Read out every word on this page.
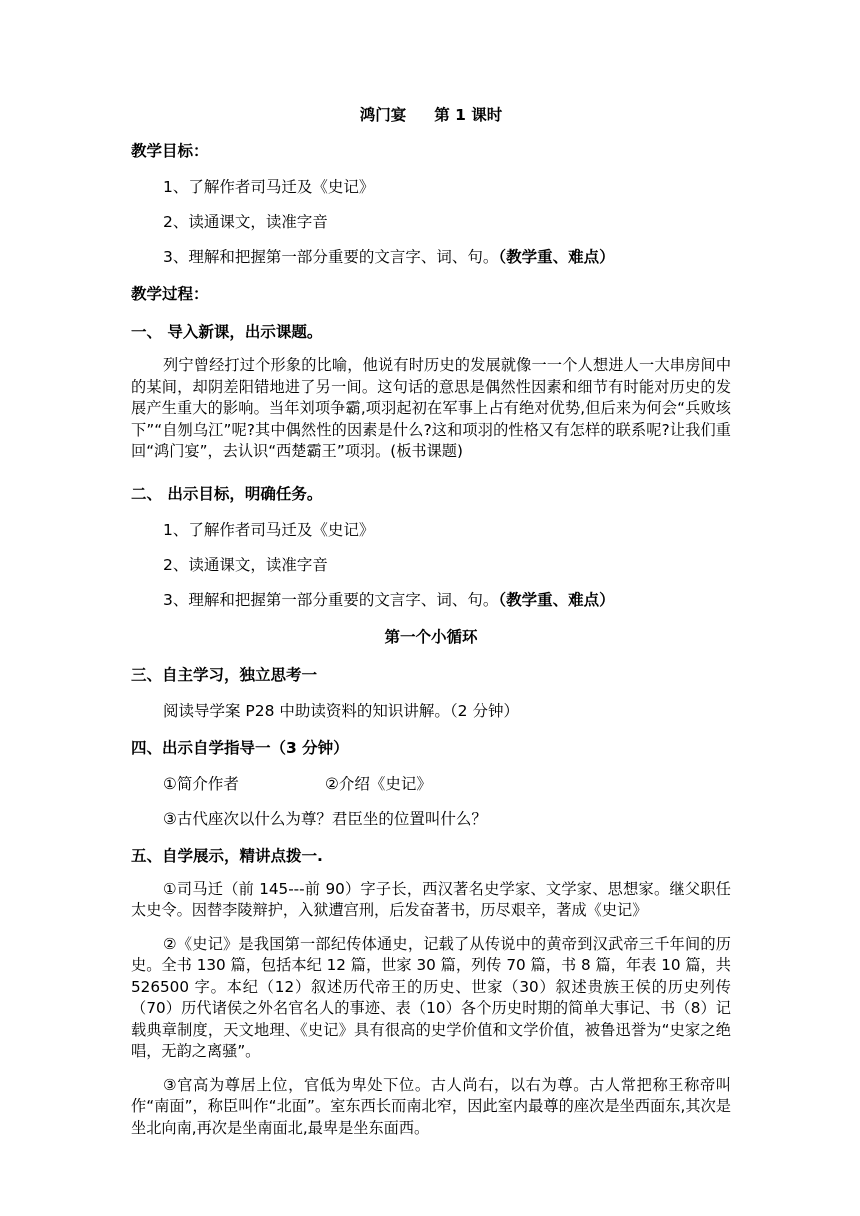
鸿门宴 第 1 课时
教学目标：
1、了解作者司马迁及《史记》
2、读通课文，读准字音
3、理解和把握第一部分重要的文言字、词、句。（教学重、难点）
教学过程：
一、 导入新课，出示课题。

列宁曾经打过个形象的比喻，他说有时历史的发展就像一一个人想进人一大串房间中的某间，却阴差阳错地进了另一间。这句话的意思是偶然性因素和细节有时能对历史的发展产生重大的影响。当年刘项争霸,项羽起初在军事上占有绝对优势,但后来为何会“兵败垓下”“自刎乌江”呢?其中偶然性的因素是什么?这和项羽的性格又有怎样的联系呢?让我们重回“鸿门宴”，去认识“西楚霸王”项羽。(板书课题)

二、 出示目标，明确任务。
1、了解作者司马迁及《史记》
2、读通课文，读准字音
3、理解和把握第一部分重要的文言字、词、句。（教学重、难点）
第一个小循环
三、自主学习，独立思考一
阅读导学案 P28 中助读资料的知识讲解。（2 分钟）
四、出示自学指导一（3 分钟）
①简介作者	②介绍《史记》
③古代座次以什么为尊？君臣坐的位置叫什么？
五、自学展示，精讲点拨一.

①司马迁（前 145---前 90）字子长，西汉著名史学家、文学家、思想家。继父职任太史令。因替李陵辩护，入狱遭宫刑，后发奋著书，历尽艰辛，著成《史记》

②《史记》是我国第一部纪传体通史，记载了从传说中的黄帝到汉武帝三千年间的历史。全书 130 篇，包括本纪 12 篇，世家 30 篇，列传 70 篇，书 8 篇，年表 10 篇，共 526500 字。本纪（12）叙述历代帝王的历史、世家（30）叙述贵族王侯的历史列传（70）历代诸侯之外名官名人的事迹、表（10）各个历史时期的简单大事记、书（8）记载典章制度，天文地理、《史记》具有很高的史学价值和文学价值，被鲁迅誉为“史家之绝唱，无韵之离骚”。

③官高为尊居上位，官低为卑处下位。古人尚右，以右为尊。古人常把称王称帝叫作“南面”，称臣叫作“北面”。室东西长而南北窄，因此室内最尊的座次是坐西面东,其次是坐北向南,再次是坐南面北,最卑是坐东面西。
